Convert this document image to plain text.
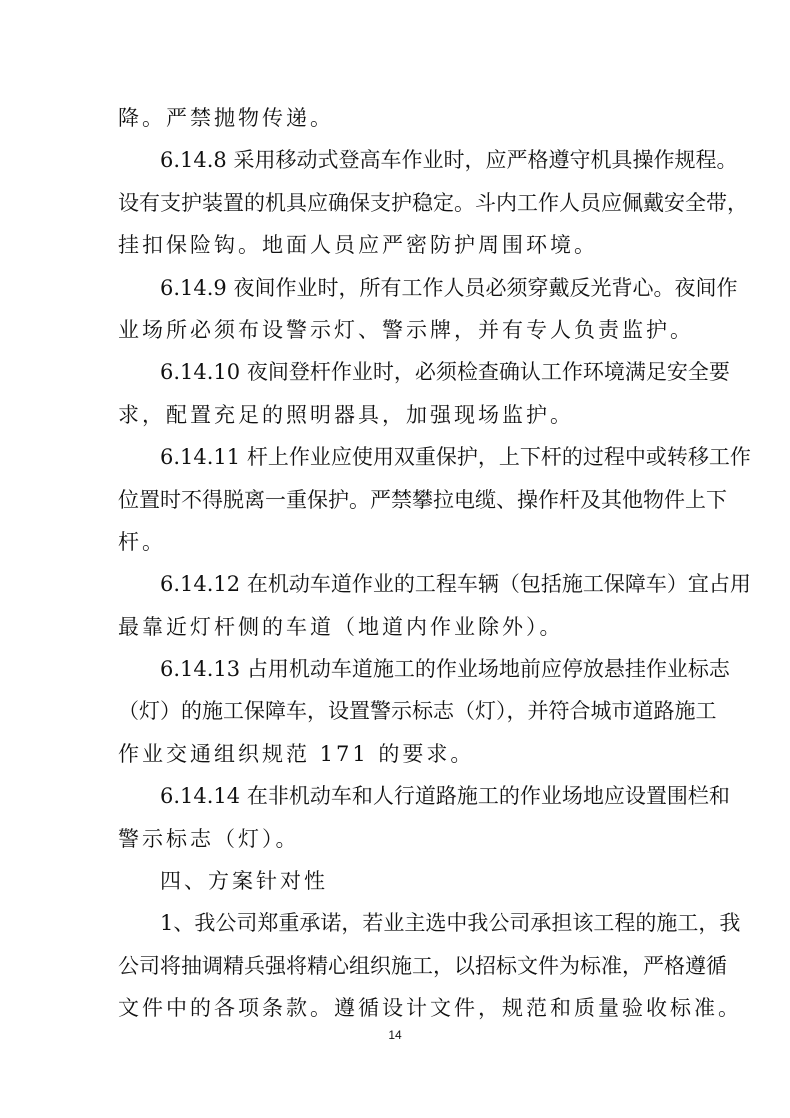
降。严禁抛物传递。
6.14.8 采用移动式登高车作业时，应严格遵守机具操作规程。
设有支护装置的机具应确保支护稳定。斗内工作人员应佩戴安全带，
挂扣保险钩。地面人员应严密防护周围环境。
6.14.9 夜间作业时，所有工作人员必须穿戴反光背心。夜间作
业场所必须布设警示灯、警示牌，并有专人负责监护。
6.14.10 夜间登杆作业时，必须检查确认工作环境满足安全要
求，配置充足的照明器具，加强现场监护。
6.14.11 杆上作业应使用双重保护，上下杆的过程中或转移工作
位置时不得脱离一重保护。严禁攀拉电缆、操作杆及其他物件上下
杆。
6.14.12 在机动车道作业的工程车辆（包括施工保障车）宜占用
最靠近灯杆侧的车道（地道内作业除外）。
6.14.13 占用机动车道施工的作业场地前应停放悬挂作业标志
（灯）的施工保障车，设置警示标志（灯），并符合城市道路施工
作业交通组织规范 171 的要求。
6.14.14 在非机动车和人行道路施工的作业场地应设置围栏和
警示标志（灯）。
四、方案针对性
1、我公司郑重承诺，若业主选中我公司承担该工程的施工，我
公司将抽调精兵强将精心组织施工，以招标文件为标准，严格遵循
文件中的各项条款。遵循设计文件，规范和质量验收标准。
14
